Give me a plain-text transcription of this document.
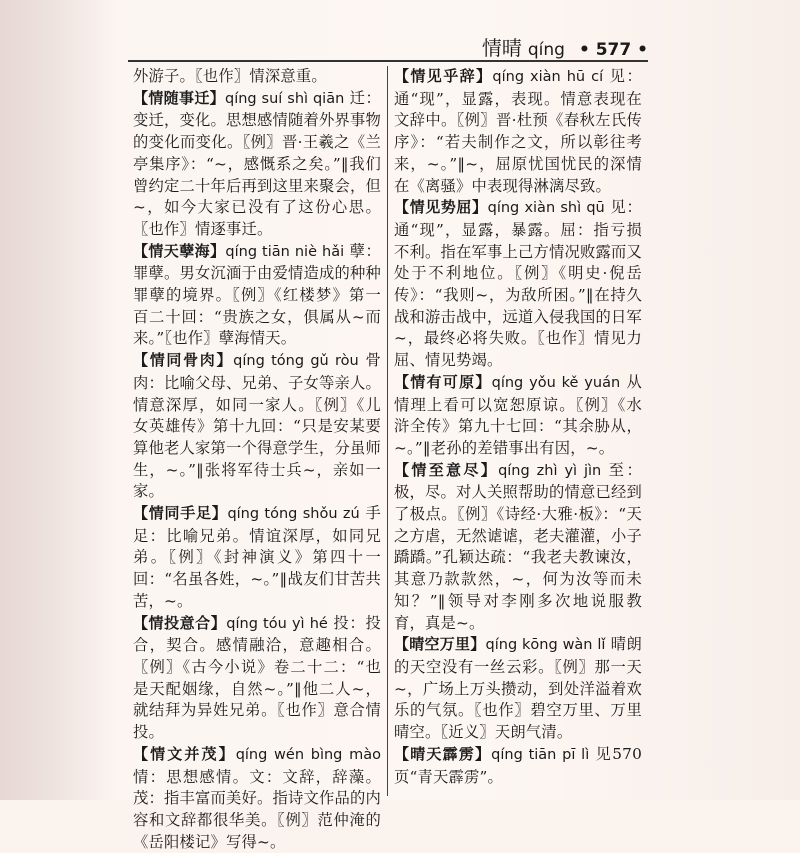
情晴 qíng • 577 •

外游子。〖也作〗情深意重。

【情随事迁】qíng suí shì qiān 迁：变迁，变化。思想感情随着外界事物的变化而变化。〖例〗晋·王羲之《兰亭集序》：“~，感慨系之矣。”‖我们曾约定二十年后再到这里来聚会，但~，如今大家已没有了这份心思。〖也作〗情逐事迁。
【情天孽海】qíng tiān niè hǎi 孽：罪孽。男女沉湎于由爱情造成的种种罪孽的境界。〖例〗《红楼梦》第一百二十回：“贵族之女，俱属从~而来。”〖也作〗孽海情天。
【情同骨肉】qíng tóng gǔ ròu 骨肉：比喻父母、兄弟、子女等亲人。情意深厚，如同一家人。〖例〗《儿女英雄传》第十九回：“只是安某要算他老人家第一个得意学生，分虽师生，~。”‖张将军待士兵~，亲如一家。
【情同手足】qíng tóng shǒu zú 手足：比喻兄弟。情谊深厚，如同兄弟。〖例〗《封神演义》第四十一回：“名虽各姓，~。”‖战友们甘苦共苦，~。
【情投意合】qíng tóu yì hé 投：投合，契合。感情融洽，意趣相合。〖例〗《古今小说》卷二十二：“也是天配姻缘，自然~。”‖他二人~，就结拜为异姓兄弟。〖也作〗意合情投。
【情文并茂】qíng wén bìng mào 情：思想感情。文：文辞，辞藻。茂：指丰富而美好。指诗文作品的内容和文辞都很华美。〖例〗范仲淹的《岳阳楼记》写得~。
【情见乎辞】qíng xiàn hū cí 见：通“现”，显露，表现。情意表现在文辞中。〖例〗晋·杜预《春秋左氏传序》：“若夫制作之文，所以彰往考来，~。”‖~，屈原忧国忧民的深情在《离骚》中表现得淋漓尽致。
【情见势屈】qíng xiàn shì qū 见：通“现”，显露，暴露。屈：指亏损不利。指在军事上己方情况败露而又处于不利地位。〖例〗《明史·倪岳传》：“我则~，为敌所困。”‖在持久战和游击战中，远道入侵我国的日军~，最终必将失败。〖也作〗情见力屈、情见势竭。
【情有可原】qíng yǒu kě yuán 从情理上看可以宽恕原谅。〖例〗《水浒全传》第九十七回：“其余胁从，~。”‖老孙的差错事出有因，~。
【情至意尽】qíng zhì yì jìn 至：极，尽。对人关照帮助的情意已经到了极点。〖例〗《诗经·大雅·板》：“天之方虐，无然谑谑，老夫灌灌，小子蹻蹻。”孔颖达疏：“我老夫教谏汝，其意乃款款然，~，何为汝等而未知？”‖领导对李刚多次地说服教育，真是~。
【晴空万里】qíng kōng wàn lǐ 晴朗的天空没有一丝云彩。〖例〗那一天~，广场上万头攒动，到处洋溢着欢乐的气氛。〖也作〗碧空万里、万里晴空。〖近义〗天朗气清。
【晴天霹雳】qíng tiān pī lì 见570页“青天霹雳”。
